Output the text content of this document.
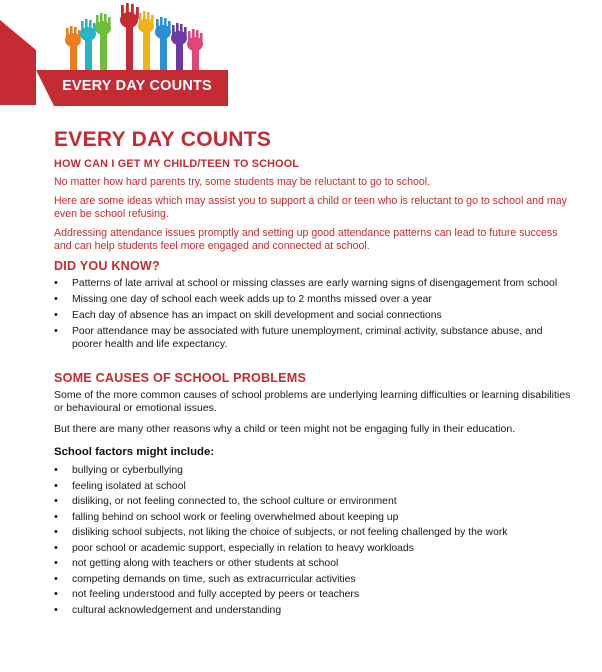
EVERY DAY COUNTS
EVERY DAY COUNTS
HOW CAN I GET MY CHILD/TEEN TO SCHOOL

No matter how hard parents try, some students may be reluctant to go to school.

Here are some ideas which may assist you to support a child or teen who is reluctant to go to school and may even be school refusing.

Addressing attendance issues promptly and setting up good attendance patterns can lead to future success and can help students feel more engaged and connected at school.

DID YOU KNOW?
• Patterns of late arrival at school or missing classes are early warning signs of disengagement from school
• Missing one day of school each week adds up to 2 months missed over a year
• Each day of absence has an impact on skill development and social connections
• Poor attendance may be associated with future unemployment, criminal activity, substance abuse, and poorer health and life expectancy.
SOME CAUSES OF SCHOOL PROBLEMS

Some of the more common causes of school problems are underlying learning difficulties or learning disabilities or behavioural or emotional issues.

But there are many other reasons why a child or teen might not be engaging fully in their education.

School factors might include:
• bullying or cyberbullying
• feeling isolated at school
• disliking, or not feeling connected to, the school culture or environment
• falling behind on school work or feeling overwhelmed about keeping up
• disliking school subjects, not liking the choice of subjects, or not feeling challenged by the work
• poor school or academic support, especially in relation to heavy workloads
• not getting along with teachers or other students at school
• competing demands on time, such as extracurricular activities
• not feeling understood and fully accepted by peers or teachers
• cultural acknowledgement and understanding
